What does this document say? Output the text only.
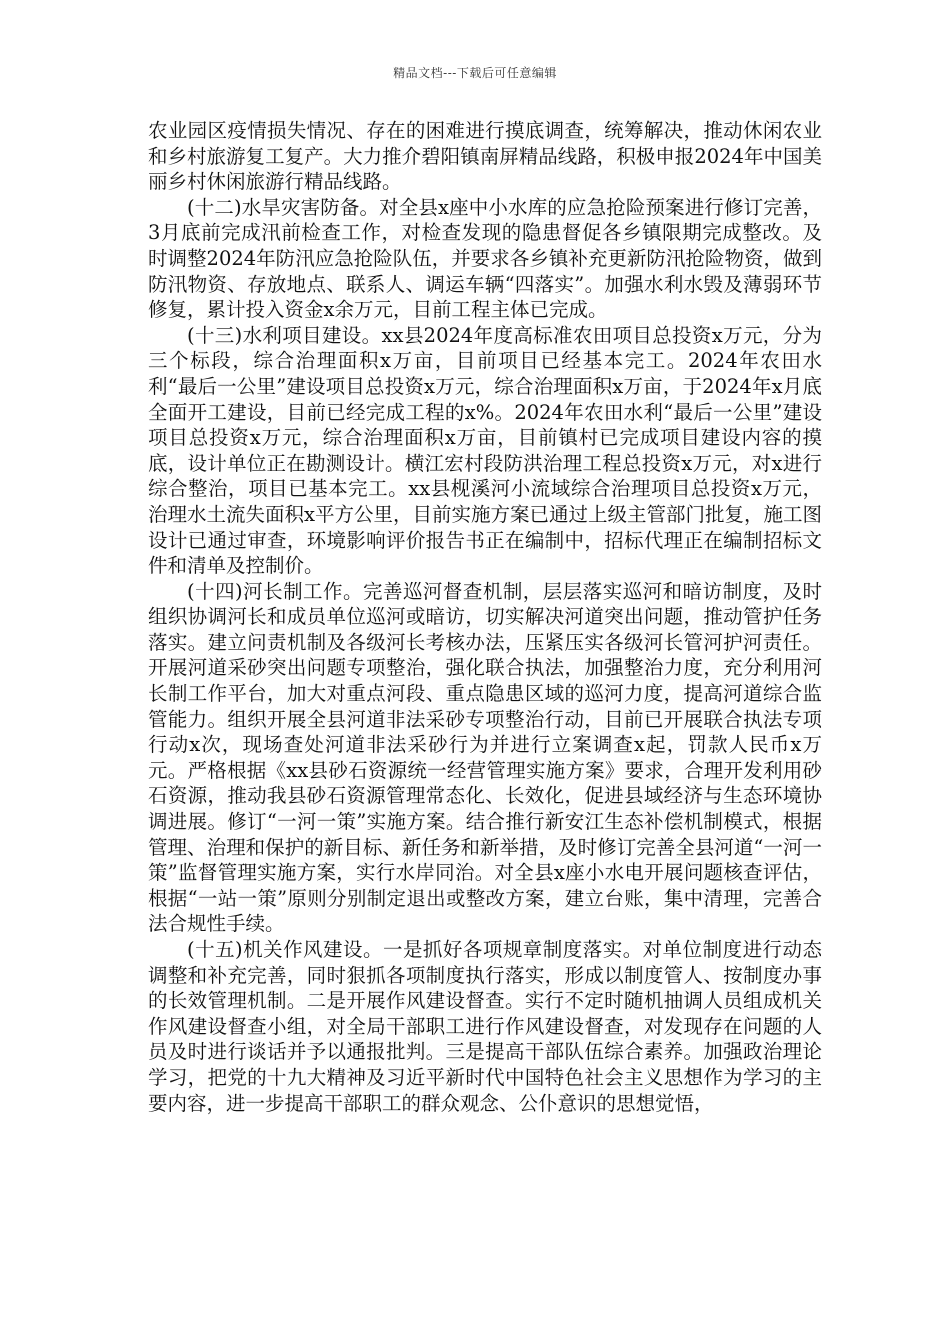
精品文档---下载后可任意编辑

农业园区疫情损失情况、存在的困难进行摸底调查，统筹解决，推动休闲农业和乡村旅游复工复产。大力推介碧阳镇南屏精品线路，积极申报2024年中国美丽乡村休闲旅游行精品线路。

(十二)水旱灾害防备。对全县x座中小水库的应急抢险预案进行修订完善，3月底前完成汛前检查工作，对检查发现的隐患督促各乡镇限期完成整改。及时调整2024年防汛应急抢险队伍，并要求各乡镇补充更新防汛抢险物资，做到防汛物资、存放地点、联系人、调运车辆“四落实”。加强水利水毁及薄弱环节修复，累计投入资金x余万元，目前工程主体已完成。

(十三)水利项目建设。xx县2024年度高标准农田项目总投资x万元，分为三个标段，综合治理面积x万亩，目前项目已经基本完工。2024年农田水利“最后一公里”建设项目总投资x万元，综合治理面积x万亩，于2024年x月底全面开工建设，目前已经完成工程的x%。2024年农田水利“最后一公里”建设项目总投资x万元，综合治理面积x万亩，目前镇村已完成项目建设内容的摸底，设计单位正在勘测设计。横江宏村段防洪治理工程总投资x万元，对x进行综合整治，项目已基本完工。xx县枧溪河小流域综合治理项目总投资x万元，治理水土流失面积x平方公里，目前实施方案已通过上级主管部门批复，施工图设计已通过审查，环境影响评价报告书正在编制中，招标代理正在编制招标文件和清单及控制价。

(十四)河长制工作。完善巡河督查机制，层层落实巡河和暗访制度，及时组织协调河长和成员单位巡河或暗访，切实解决河道突出问题，推动管护任务落实。建立问责机制及各级河长考核办法，压紧压实各级河长管河护河责任。开展河道采砂突出问题专项整治，强化联合执法，加强整治力度，充分利用河长制工作平台，加大对重点河段、重点隐患区域的巡河力度，提高河道综合监管能力。组织开展全县河道非法采砂专项整治行动，目前已开展联合执法专项行动x次，现场查处河道非法采砂行为并进行立案调查x起，罚款人民币x万元。严格根据《xx县砂石资源统一经营管理实施方案》要求，合理开发利用砂石资源，推动我县砂石资源管理常态化、长效化，促进县域经济与生态环境协调进展。修订“一河一策”实施方案。结合推行新安江生态补偿机制模式，根据管理、治理和保护的新目标、新任务和新举措，及时修订完善全县河道“一河一策”监督管理实施方案，实行水岸同治。对全县x座小水电开展问题核查评估，根据“一站一策”原则分别制定退出或整改方案，建立台账，集中清理，完善合法合规性手续。

(十五)机关作风建设。一是抓好各项规章制度落实。对单位制度进行动态调整和补充完善，同时狠抓各项制度执行落实，形成以制度管人、按制度办事的长效管理机制。二是开展作风建设督查。实行不定时随机抽调人员组成机关作风建设督查小组，对全局干部职工进行作风建设督查，对发现存在问题的人员及时进行谈话并予以通报批判。三是提高干部队伍综合素养。加强政治理论学习，把党的十九大精神及习近平新时代中国特色社会主义思想作为学习的主要内容，进一步提高干部职工的群众观念、公仆意识的思想觉悟，
